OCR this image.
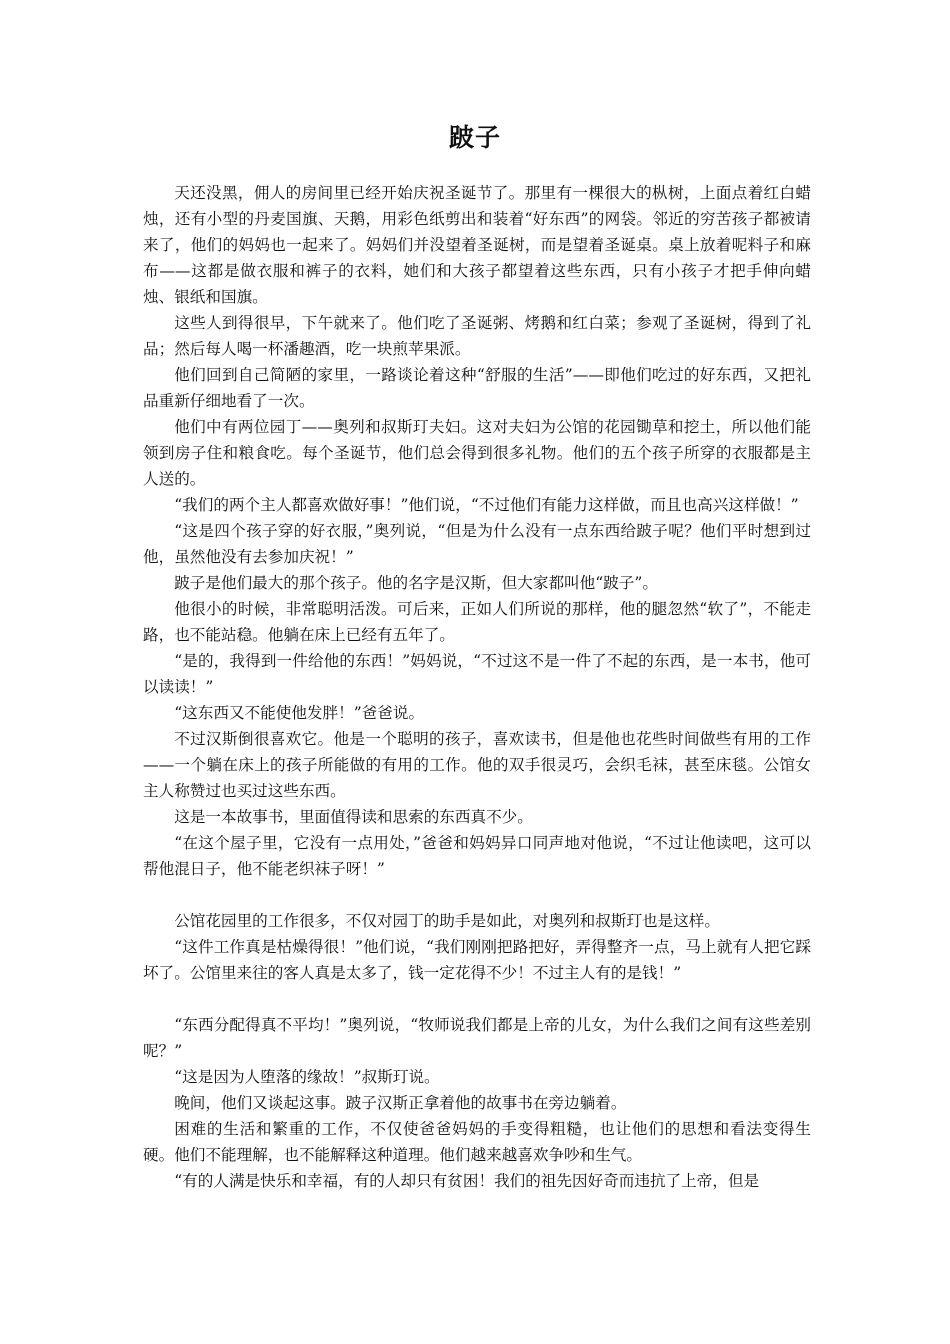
跛子

天还没黑，佣人的房间里已经开始庆祝圣诞节了。那里有一棵很大的枞树，上面点着红白蜡烛，还有小型的丹麦国旗、天鹅，用彩色纸剪出和装着“好东西”的网袋。邻近的穷苦孩子都被请来了，他们的妈妈也一起来了。妈妈们并没望着圣诞树，而是望着圣诞桌。桌上放着呢料子和麻布——这都是做衣服和裤子的衣料，她们和大孩子都望着这些东西，只有小孩子才把手伸向蜡烛、银纸和国旗。

这些人到得很早，下午就来了。他们吃了圣诞粥、烤鹅和红白菜；参观了圣诞树，得到了礼品；然后每人喝一杯潘趣酒，吃一块煎苹果派。

他们回到自己简陋的家里，一路谈论着这种“舒服的生活”——即他们吃过的好东西，又把礼品重新仔细地看了一次。

他们中有两位园丁——奥列和叔斯玎夫妇。这对夫妇为公馆的花园锄草和挖土，所以他们能领到房子住和粮食吃。每个圣诞节，他们总会得到很多礼物。他们的五个孩子所穿的衣服都是主人送的。

“我们的两个主人都喜欢做好事！”他们说，“不过他们有能力这样做，而且也高兴这样做！”

“这是四个孩子穿的好衣服，”奥列说，“但是为什么没有一点东西给跛子呢？他们平时想到过他，虽然他没有去参加庆祝！”

跛子是他们最大的那个孩子。他的名字是汉斯，但大家都叫他“跛子”。

他很小的时候，非常聪明活泼。可后来，正如人们所说的那样，他的腿忽然“软了”，不能走路，也不能站稳。他躺在床上已经有五年了。

“是的，我得到一件给他的东西！”妈妈说，“不过这不是一件了不起的东西，是一本书，他可以读读！”

“这东西又不能使他发胖！”爸爸说。

不过汉斯倒很喜欢它。他是一个聪明的孩子，喜欢读书，但是他也花些时间做些有用的工作——一个躺在床上的孩子所能做的有用的工作。他的双手很灵巧，会织毛袜，甚至床毯。公馆女主人称赞过也买过这些东西。

这是一本故事书，里面值得读和思索的东西真不少。

“在这个屋子里，它没有一点用处，”爸爸和妈妈异口同声地对他说，“不过让他读吧，这可以帮他混日子，他不能老织袜子呀！”

公馆花园里的工作很多，不仅对园丁的助手是如此，对奥列和叔斯玎也是这样。

“这件工作真是枯燥得很！”他们说，“我们刚刚把路把好，弄得整齐一点，马上就有人把它踩坏了。公馆里来往的客人真是太多了，钱一定花得不少！不过主人有的是钱！”

“东西分配得真不平均！”奥列说，“牧师说我们都是上帝的儿女，为什么我们之间有这些差别呢？”

“这是因为人堕落的缘故！”叔斯玎说。

晚间，他们又谈起这事。跛子汉斯正拿着他的故事书在旁边躺着。

困难的生活和繁重的工作，不仅使爸爸妈妈的手变得粗糙，也让他们的思想和看法变得生硬。他们不能理解，也不能解释这种道理。他们越来越喜欢争吵和生气。

“有的人满是快乐和幸福，有的人却只有贫困！我们的祖先因好奇而违抗了上帝，但是
